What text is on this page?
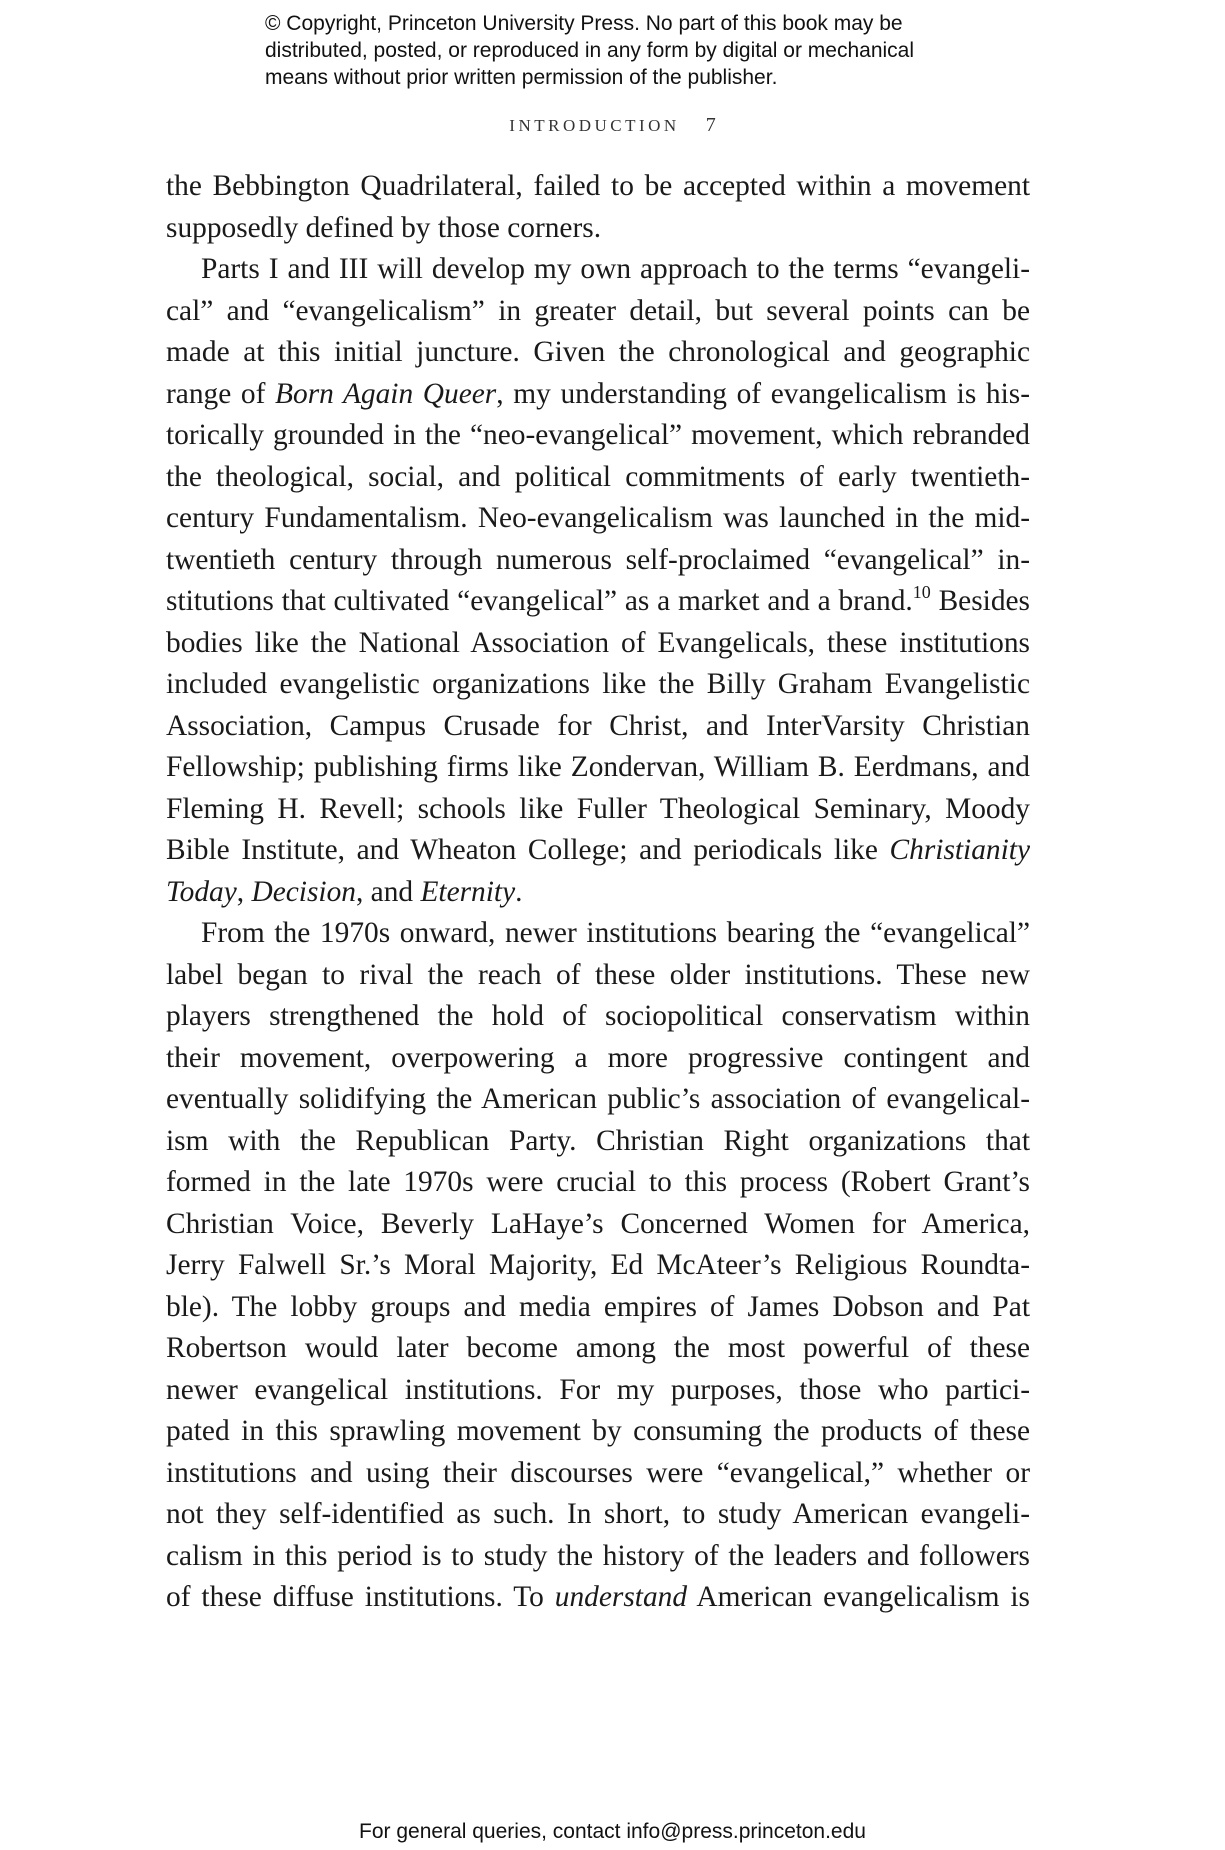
© Copyright, Princeton University Press. No part of this book may be
distributed, posted, or reproduced in any form by digital or mechanical
means without prior written permission of the publisher.
INTRODUCTION 7
the Bebbington Quadrilateral, failed to be accepted within a movement
supposedly defined by those corners.
Parts I and III will develop my own approach to the terms “evangeli-
cal” and “evangelicalism” in greater detail, but several points can be
made at this initial juncture. Given the chronological and geographic
range of Born Again Queer, my understanding of evangelicalism is his-
torically grounded in the “neo-evangelical” movement, which rebranded
the theological, social, and political commitments of early twentieth-
century Fundamentalism. Neo-evangelicalism was launched in the mid-
twentieth century through numerous self-proclaimed “evangelical” in-
stitutions that cultivated “evangelical” as a market and a brand.$^{10}$ Besides
bodies like the National Association of Evangelicals, these institutions
included evangelistic organizations like the Billy Graham Evangelistic
Association, Campus Crusade for Christ, and InterVarsity Christian
Fellowship; publishing firms like Zondervan, William B. Eerdmans, and
Fleming H. Revell; schools like Fuller Theological Seminary, Moody
Bible Institute, and Wheaton College; and periodicals like Christianity
Today, Decision, and Eternity.
From the 1970s onward, newer institutions bearing the “evangelical”
label began to rival the reach of these older institutions. These new
players strengthened the hold of sociopolitical conservatism within
their movement, overpowering a more progressive contingent and
eventually solidifying the American public’s association of evangelical-
ism with the Republican Party. Christian Right organizations that
formed in the late 1970s were crucial to this process (Robert Grant’s
Christian Voice, Beverly LaHaye’s Concerned Women for America,
Jerry Falwell Sr.’s Moral Majority, Ed McAteer’s Religious Roundta-
ble). The lobby groups and media empires of James Dobson and Pat
Robertson would later become among the most powerful of these
newer evangelical institutions. For my purposes, those who partici-
pated in this sprawling movement by consuming the products of these
institutions and using their discourses were “evangelical,” whether or
not they self-identified as such. In short, to study American evangeli-
calism in this period is to study the history of the leaders and followers
of these diffuse institutions. To understand American evangelicalism is
For general queries, contact info@press.princeton.edu
